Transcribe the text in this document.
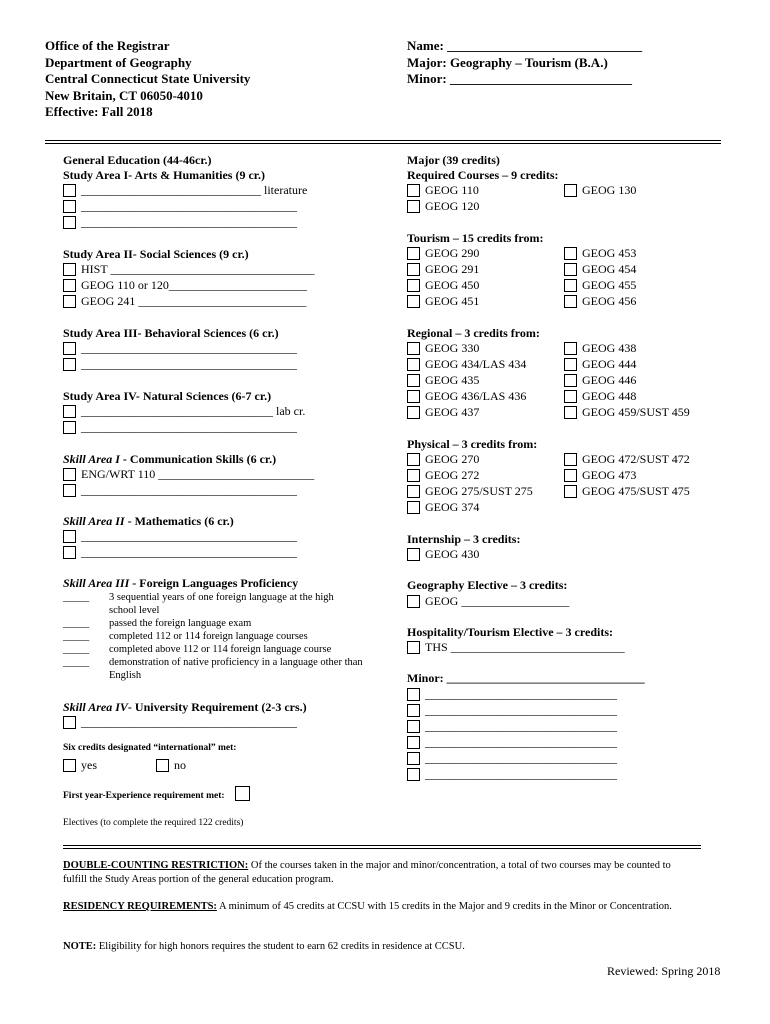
Office of the Registrar
Department of Geography
Central Connecticut State University
New Britain, CT 06050-4010
Effective: Fall 2018
Name: ______________________________
Major: Geography – Tourism (B.A.)
Minor: ____________________________
General Education (44-46cr.)
Study Area I- Arts & Humanities (9 cr.)
______________________________ literature
____________________________________
____________________________________
Study Area II- Social Sciences (9 cr.)
HIST __________________________________
GEOG 110 or 120_______________________
GEOG 241 ____________________________
Study Area III- Behavioral Sciences (6 cr.)
____________________________________
____________________________________
Study Area IV- Natural Sciences (6-7 cr.)
________________________________ lab cr.
____________________________________
Skill Area I - Communication Skills (6 cr.)
ENG/WRT 110 __________________________
____________________________________
Skill Area II - Mathematics (6 cr.)
____________________________________
____________________________________
Skill Area III - Foreign Languages Proficiency
_____	3 sequential years of one foreign language at the high school level
_____	passed the foreign language exam
_____	completed 112 or 114 foreign language courses
_____	completed above 112 or 114 foreign language course
_____	demonstration of native proficiency in a language other than English
Skill Area IV- University Requirement (2-3 crs.)
____________________________________
Six credits designated “international” met:
yes	no
First year-Experience requirement met:
Electives (to complete the required 122 credits)
Major (39 credits)
Required Courses – 9 credits:
GEOG 110
GEOG 120
GEOG 130
Tourism – 15 credits from:
GEOG 290
GEOG 291
GEOG 450
GEOG 451
GEOG 453
GEOG 454
GEOG 455
GEOG 456
Regional – 3 credits from:
GEOG 330
GEOG 434/LAS 434
GEOG 435
GEOG 436/LAS 436
GEOG 437
GEOG 438
GEOG 444
GEOG 446
GEOG 448
GEOG 459/SUST 459
Physical – 3 credits from:
GEOG 270
GEOG 272
GEOG 275/SUST 275
GEOG 374
GEOG 472/SUST 472
GEOG 473
GEOG 475/SUST 475
Internship – 3 credits:
GEOG 430
Geography Elective – 3 credits:
GEOG __________________
Hospitality/Tourism Elective – 3 credits:
THS _____________________________
Minor: _________________________________
________________________________
________________________________
________________________________
________________________________
________________________________
________________________________
DOUBLE-COUNTING RESTRICTION: Of the courses taken in the major and minor/concentration, a total of two courses may be counted to fulfill the Study Areas portion of the general education program.
RESIDENCY REQUIREMENTS: A minimum of 45 credits at CCSU with 15 credits in the Major and 9 credits in the Minor or Concentration.
NOTE: Eligibility for high honors requires the student to earn 62 credits in residence at CCSU.
Reviewed: Spring 2018
